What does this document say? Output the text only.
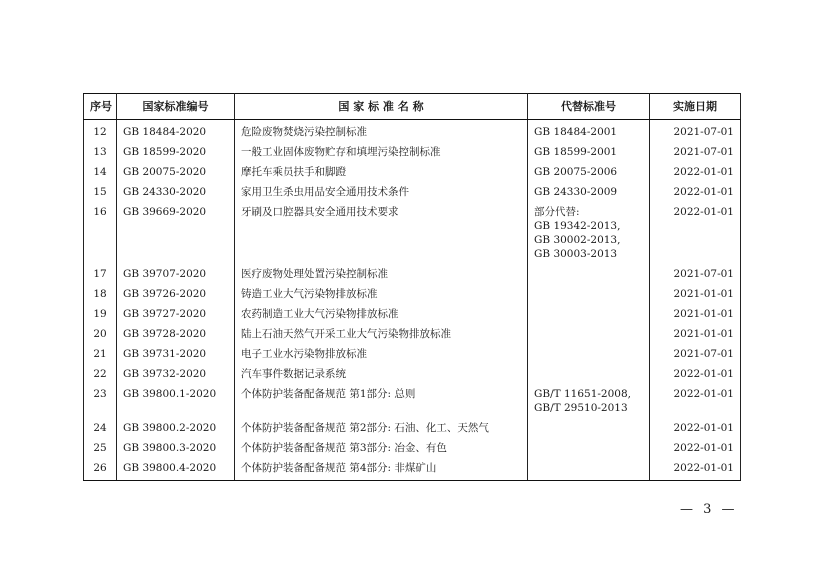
序号	国家标准编号	国 家 标 准 名 称	代替标准号	实施日期
12	GB 18484-2020	危险废物焚烧污染控制标准	GB 18484-2001	2021-07-01
13	GB 18599-2020	一般工业固体废物贮存和填埋污染控制标准	GB 18599-2001	2021-07-01
14	GB 20075-2020	摩托车乘员扶手和脚蹬	GB 20075-2006	2022-01-01
15	GB 24330-2020	家用卫生杀虫用品安全通用技术条件	GB 24330-2009	2022-01-01
16	GB 39669-2020	牙刷及口腔器具安全通用技术要求	部分代替:
GB 19342-2013,
GB 30002-2013,
GB 30003-2013	2022-01-01
17	GB 39707-2020	医疗废物处理处置污染控制标准		2021-07-01
18	GB 39726-2020	铸造工业大气污染物排放标准		2021-01-01
19	GB 39727-2020	农药制造工业大气污染物排放标准		2021-01-01
20	GB 39728-2020	陆上石油天然气开采工业大气污染物排放标准		2021-01-01
21	GB 39731-2020	电子工业水污染物排放标准		2021-07-01
22	GB 39732-2020	汽车事件数据记录系统		2022-01-01
23	GB 39800.1-2020	个体防护装备配备规范 第1部分: 总则	GB/T 11651-2008,
GB/T 29510-2013	2022-01-01
24	GB 39800.2-2020	个体防护装备配备规范 第2部分: 石油、化工、天然气		2022-01-01
25	GB 39800.3-2020	个体防护装备配备规范 第3部分: 冶金、有色		2022-01-01
26	GB 39800.4-2020	个体防护装备配备规范 第4部分: 非煤矿山		2022-01-01
— 3 —
